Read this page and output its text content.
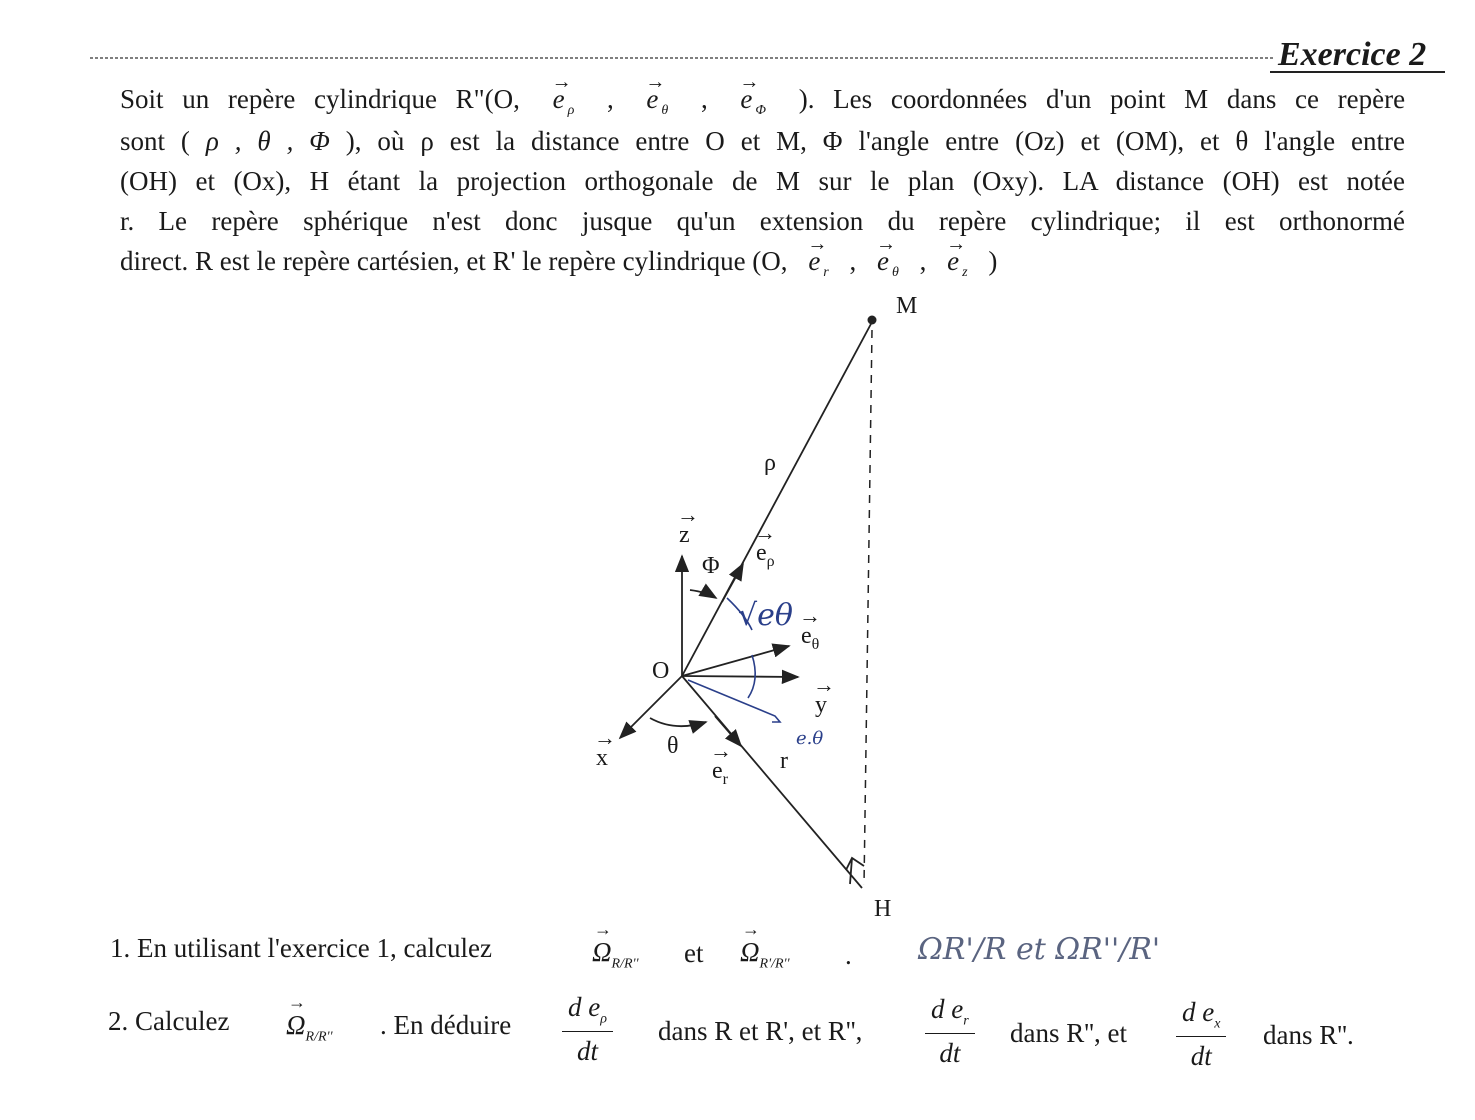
Exercice 2
Soit un repère cylindrique R"(O, → e $_\rho$ , → e $_\theta$ , → e $_\Phi$ ). Les coordonnées d'un point M dans ce repère
sont ( ρ , θ , Φ ), où ρ est la distance entre O et M, Φ l'angle entre (Oz) et (OM), et θ l'angle entre
(OH) et (Ox), H étant la projection orthogonale de M sur le plan (Oxy). LA distance (OH) est notée
r. Le repère sphérique n'est donc jusque qu'un extension du repère cylindrique; il est orthonormé
direct. R est le repère cartésien, et R' le repère cylindrique (O, → e $_r$ , → e $_\theta$ , → e $_z$ )
M
ρ
→ z
$\Phi \to e_\rho$
→ $e_\theta$
O
→ y
→ x θ
r
→ $e_r$
H
√eθ
e.θ
1. En utilisant l'exercice 1, calculez	→ $\Omega_{R/R''}$ et → $\Omega_{R'/R''}$ . ΩR'/R et ΩR''/R'
2. Calculez → $\Omega_{R/R''}$ . En déduire $\frac{d e_\rho}{dt}$ dans R et R', et R'', $\frac{d e_r}{dt}$ dans R'', et $\frac{d e_x}{dt}$ dans R''.
